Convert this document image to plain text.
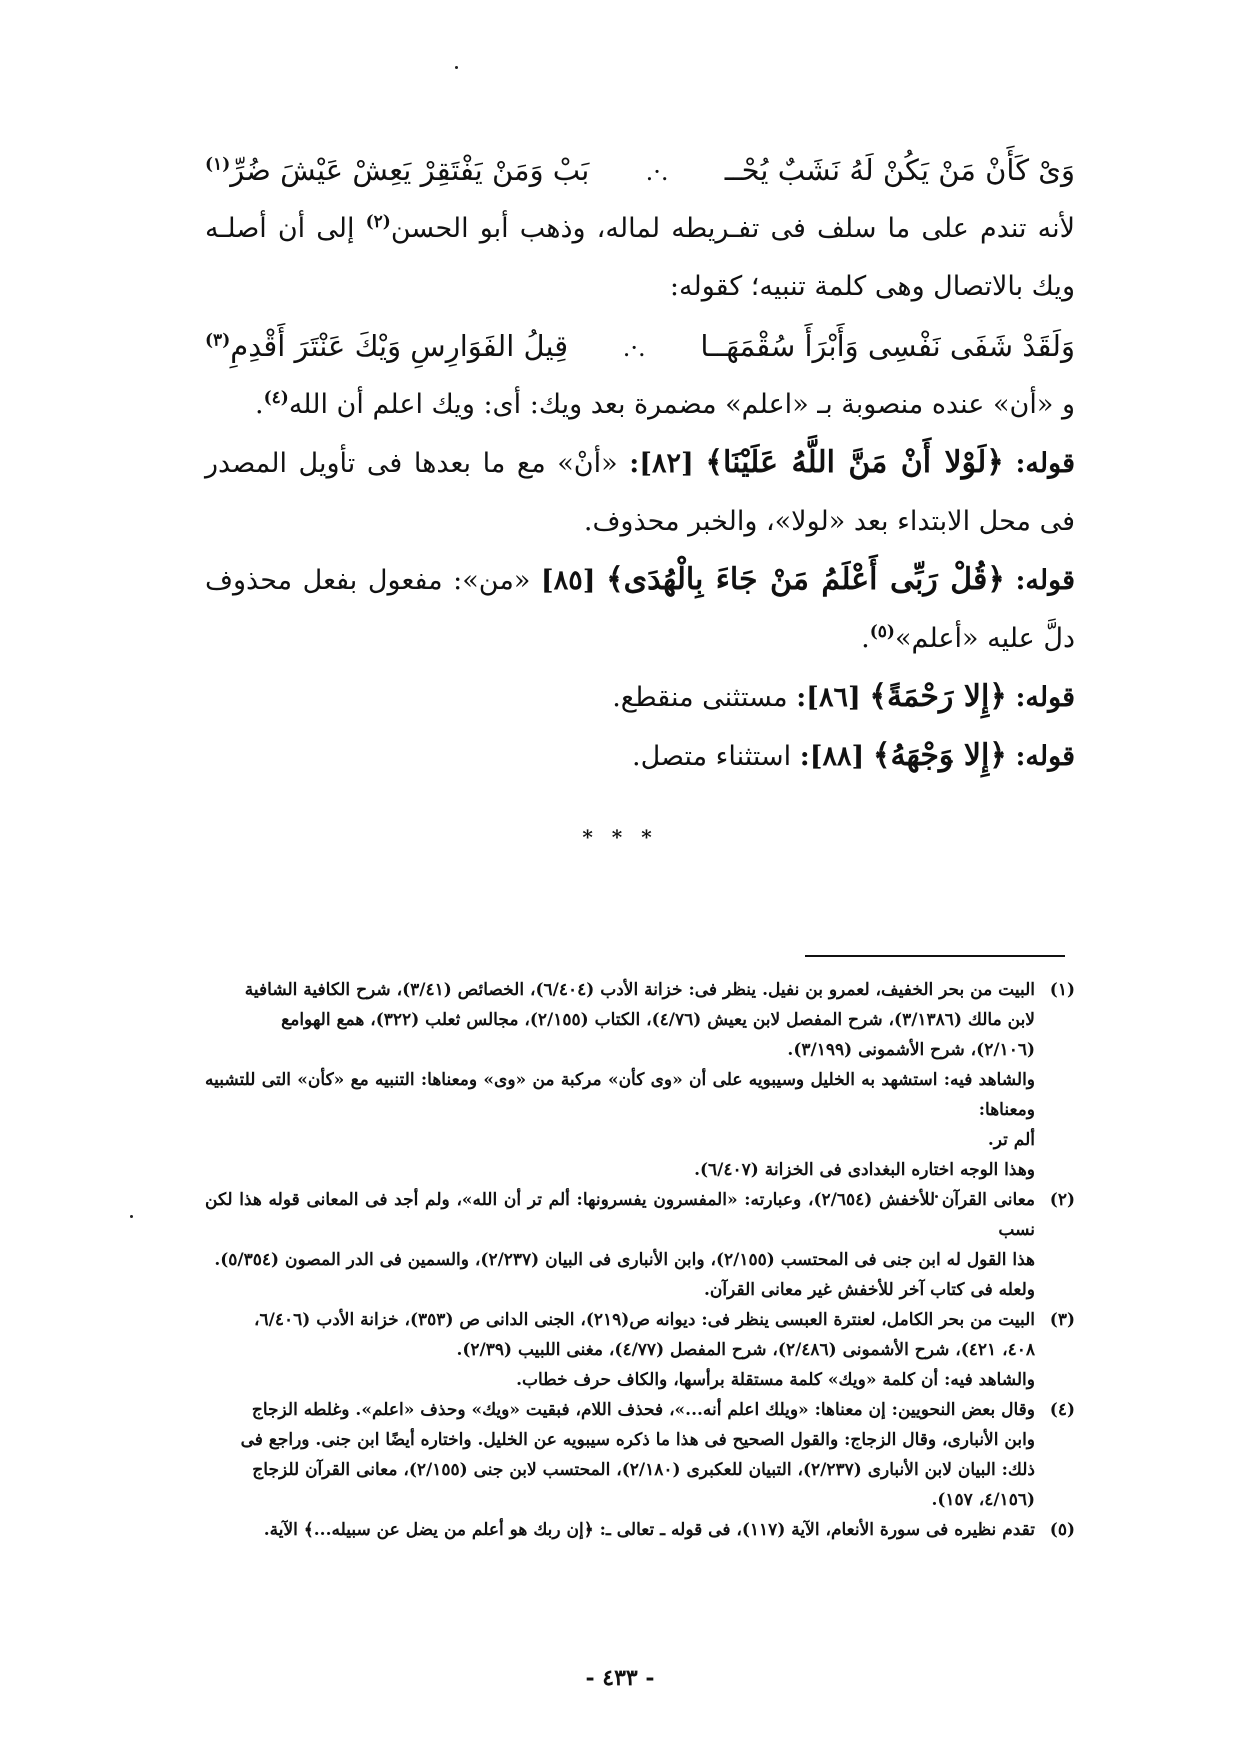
وَىْ كَأَنْ مَنْ يَكُنْ لَهُ نَشَبٌ يُحْــ
.·.
بَبْ وَمَنْ يَفْتَقِرْ يَعِشْ عَيْشَ ضُرِّ$^{(١)}$

لأنه تندم على ما سلف فى تفـريطه لماله، وذهب أبو الحسن$^{(٢)}$ إلى أن أصلـه ويك بالاتصال وهى كلمة تنبيه؛ كقوله:

وَلَقَدْ شَفَى نَفْسِى وَأَبْرَأَ سُقْمَهَــا
.·.
قِيلُ الفَوَارِسِ وَيْكَ عَنْتَرَ أَقْدِمِ$^{(٣)}$

و «أن» عنده منصوبة بـ «اعلم» مضمرة بعد ويك: أى: ويك اعلم أن الله$^{(٤)}$.

قوله: ﴿لَوْلا أَنْ مَنَّ اللَّهُ عَلَيْنَا﴾ [٨٢]: «أنْ» مع ما بعدها فى تأويل المصدر فى محل الابتداء بعد «لولا»، والخبر محذوف.

قوله: ﴿قُلْ رَبِّى أَعْلَمُ مَنْ جَاءَ بِالْهُدَى﴾ [٨٥] «من»: مفعول بفعل محذوف دلَّ عليه «أعلم»$^{(٥)}$.

قوله: ﴿إِلا رَحْمَةً﴾ [٨٦]: مستثنى منقطع.

قوله: ﴿إِلا وَجْهَهُ﴾ [٨٨]: استثناء متصل.

* * *
(١)
البيت من بحر الخفيف، لعمرو بن نفيل. ينظر فى: خزانة الأدب (٦/٤٠٤)، الخصائص (٣/٤١)، شرح الكافية الشافية
لابن مالك (٣/١٣٨٦)، شرح المفصل لابن يعيش (٤/٧٦)، الكتاب (٢/١٥٥)، مجالس ثعلب (٣٢٢)، همع الهوامع
(٢/١٠٦)، شرح الأشمونى (٣/١٩٩).
والشاهد فيه: استشهد به الخليل وسيبويه على أن «وى كأن» مركبة من «وى» ومعناها: التنبيه مع «كأن» التى للتشبيه ومعناها:
ألم تر.
وهذا الوجه اختاره البغدادى فى الخزانة (٦/٤٠٧).
(٢)
معانى القرآن للأخفش (٢/٦٥٤)، وعبارته: «المفسرون يفسرونها: ألم تر أن الله»، ولم أجد فى المعانى قوله هذا لكن نسب
هذا القول له ابن جنى فى المحتسب (٢/١٥٥)، وابن الأنبارى فى البيان (٢/٢٣٧)، والسمين فى الدر المصون (٥/٣٥٤).
ولعله فى كتاب آخر للأخفش غير معانى القرآن.
(٣)
البيت من بحر الكامل، لعنترة العبسى ينظر فى: ديوانه ص(٢١٩)، الجنى الدانى ص (٣٥٣)، خزانة الأدب (٦/٤٠٦،
٤٠٨، ٤٢١)، شرح الأشمونى (٢/٤٨٦)، شرح المفصل (٤/٧٧)، مغنى اللبيب (٢/٣٩).
والشاهد فيه: أن كلمة «ويك» كلمة مستقلة برأسها، والكاف حرف خطاب.
(٤)
وقال بعض النحويين: إن معناها: «ويلك اعلم أنه...»، فحذف اللام، فبقيت «ويك» وحذف «اعلم». وغلطه الزجاج
وابن الأنبارى، وقال الزجاج: والقول الصحيح فى هذا ما ذكره سيبويه عن الخليل. واختاره أيضًا ابن جنى. وراجع فى
ذلك: البيان لابن الأنبارى (٢/٢٣٧)، التبيان للعكبرى (٢/١٨٠)، المحتسب لابن جنى (٢/١٥٥)، معانى القرآن للزجاج
(٤/١٥٦، ١٥٧).
(٥)
تقدم نظيره فى سورة الأنعام، الآية (١١٧)، فى قوله ـ تعالى ـ: ﴿إن ربك هو أعلم من يضل عن سبيله...﴾ الآية.
- ٤٣٣ -
